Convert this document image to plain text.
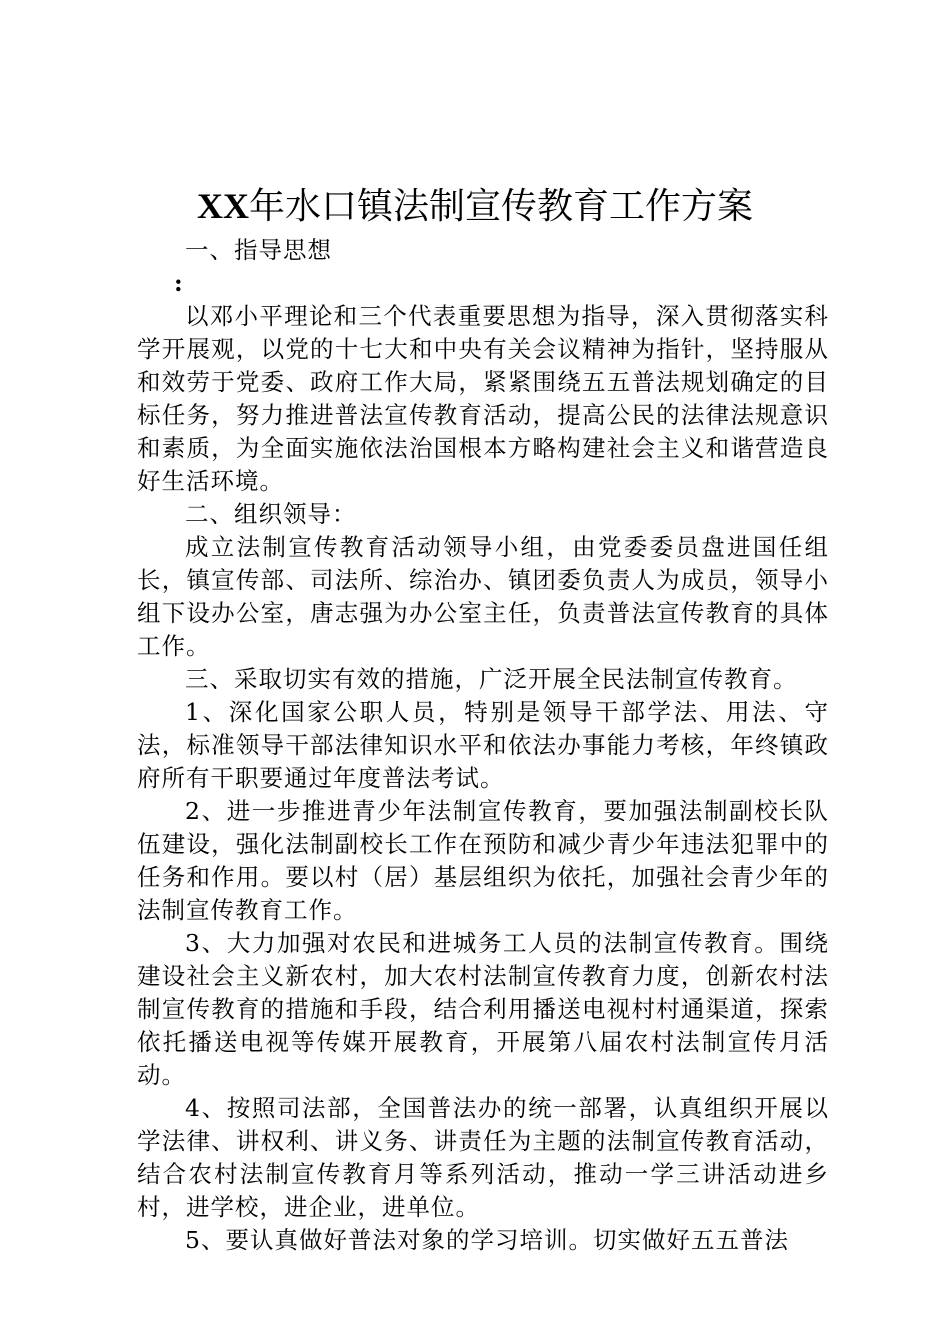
XX年水口镇法制宣传教育工作方案
一、指导思想
:

以邓小平理论和三个代表重要思想为指导，深入贯彻落实科学开展观，以党的十七大和中央有关会议精神为指针，坚持服从和效劳于党委、政府工作大局，紧紧围绕五五普法规划确定的目标任务，努力推进普法宣传教育活动，提高公民的法律法规意识和素质，为全面实施依法治国根本方略构建社会主义和谐营造良好生活环境。

二、组织领导：

成立法制宣传教育活动领导小组，由党委委员盘进国任组长，镇宣传部、司法所、综治办、镇团委负责人为成员，领导小组下设办公室，唐志强为办公室主任，负责普法宣传教育的具体工作。

三、采取切实有效的措施，广泛开展全民法制宣传教育。

1、深化国家公职人员，特别是领导干部学法、用法、守法，标准领导干部法律知识水平和依法办事能力考核，年终镇政府所有干职要通过年度普法考试。

2、进一步推进青少年法制宣传教育，要加强法制副校长队伍建设，强化法制副校长工作在预防和减少青少年违法犯罪中的任务和作用。要以村（居）基层组织为依托，加强社会青少年的法制宣传教育工作。

3、大力加强对农民和进城务工人员的法制宣传教育。围绕建设社会主义新农村，加大农村法制宣传教育力度，创新农村法制宣传教育的措施和手段，结合利用播送电视村村通渠道，探索依托播送电视等传媒开展教育，开展第八届农村法制宣传月活动。

4、按照司法部，全国普法办的统一部署，认真组织开展以学法律、讲权利、讲义务、讲责任为主题的法制宣传教育活动，结合农村法制宣传教育月等系列活动，推动一学三讲活动进乡村，进学校，进企业，进单位。

5、要认真做好普法对象的学习培训。切实做好五五普法
